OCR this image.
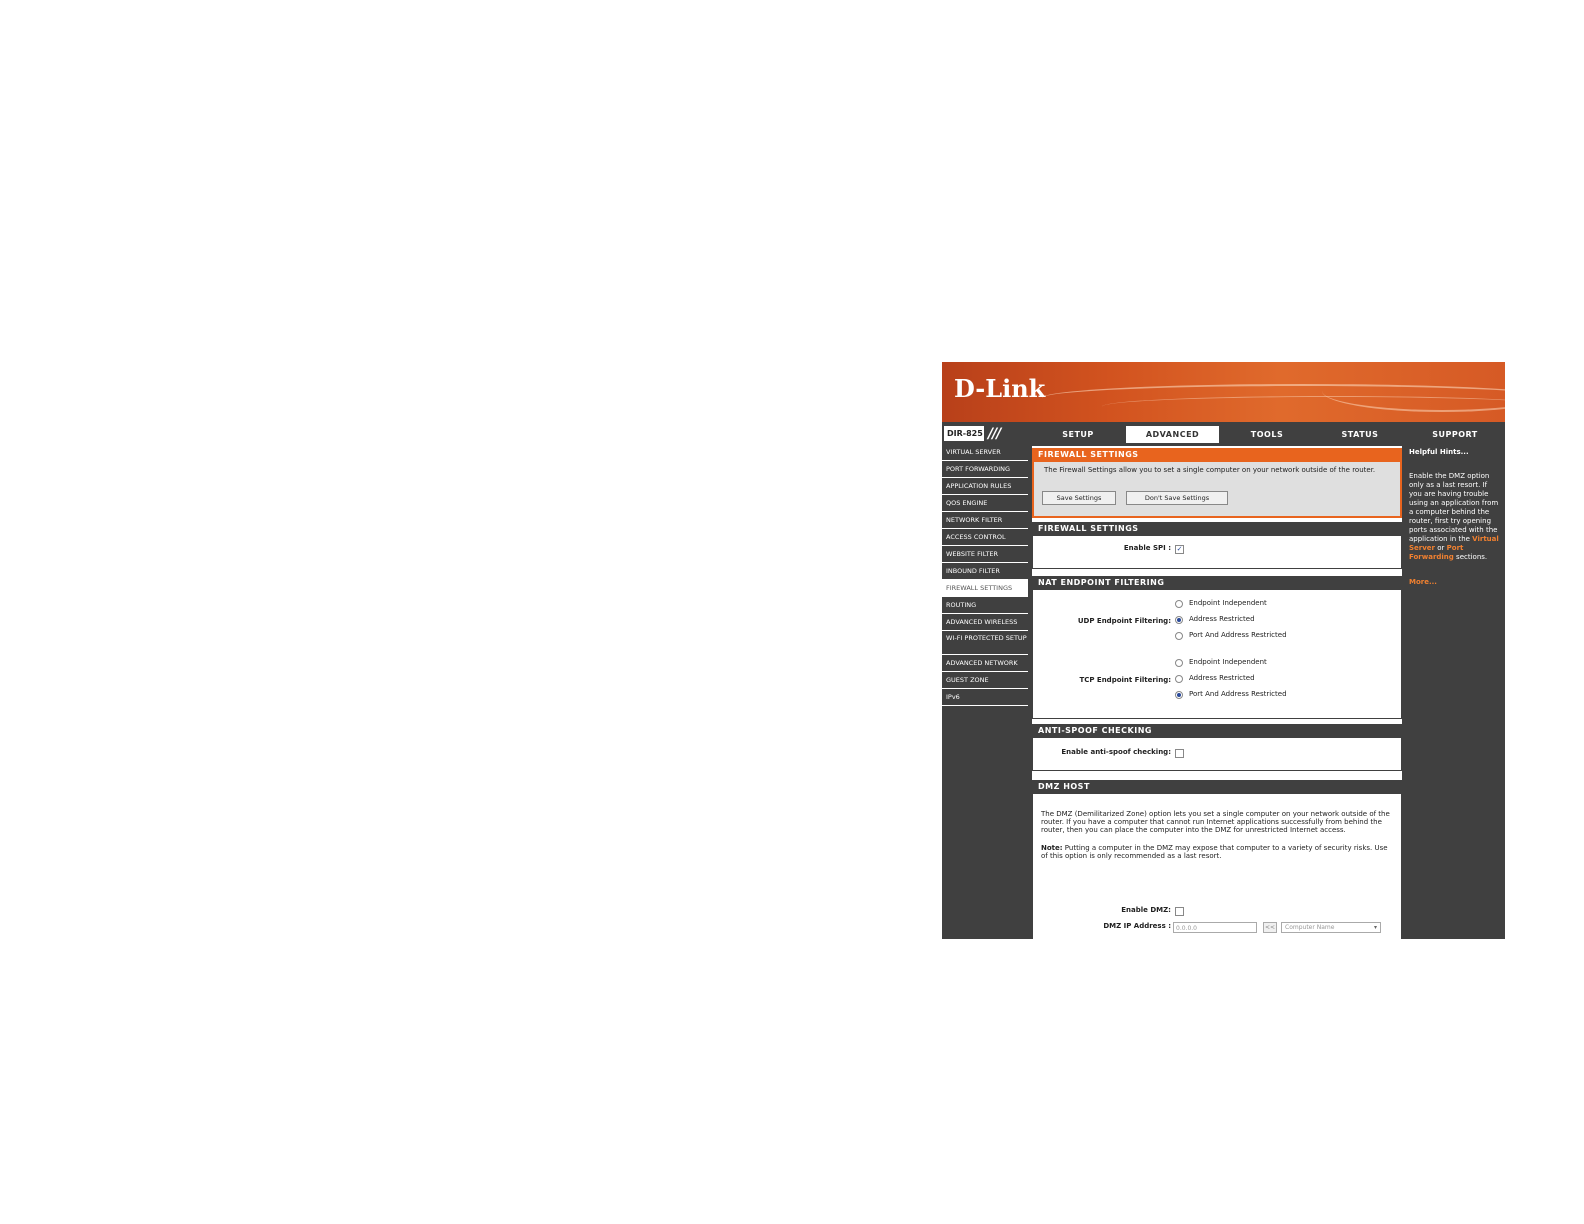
D-Link
DIR-825 ///	SETUP	ADVANCED	TOOLS	STATUS	SUPPORT
VIRTUAL SERVER
PORT FORWARDING
APPLICATION RULES
QOS ENGINE
NETWORK FILTER
ACCESS CONTROL
WEBSITE FILTER
INBOUND FILTER
FIREWALL SETTINGS
ROUTING
ADVANCED WIRELESS
WI-FI PROTECTED SETUP
ADVANCED NETWORK
GUEST ZONE
IPv6
FIREWALL SETTINGS
The Firewall Settings allow you to set a single computer on your network outside of the router.
Save Settings	Don't Save Settings
FIREWALL SETTINGS
Enable SPI : ✓
NAT ENDPOINT FILTERING
UDP Endpoint Filtering:
Endpoint Independent
Address Restricted
Port And Address Restricted
TCP Endpoint Filtering:
Endpoint Independent
Address Restricted
Port And Address Restricted
ANTI-SPOOF CHECKING
Enable anti-spoof checking:
DMZ HOST
The DMZ (Demilitarized Zone) option lets you set a single computer on your network outside of the router. If you have a computer that cannot run Internet applications successfully from behind the router, then you can place the computer into the DMZ for unrestricted Internet access.
Note: Putting a computer in the DMZ may expose that computer to a variety of security risks. Use of this option is only recommended as a last resort.
Enable DMZ:
DMZ IP Address : 0.0.0.0	<<	Computer Name	▾
Helpful Hints...
Enable the DMZ option only as a last resort. If you are having trouble using an application from a computer behind the router, first try opening ports associated with the application in the Virtual Server or Port Forwarding sections.
More...
